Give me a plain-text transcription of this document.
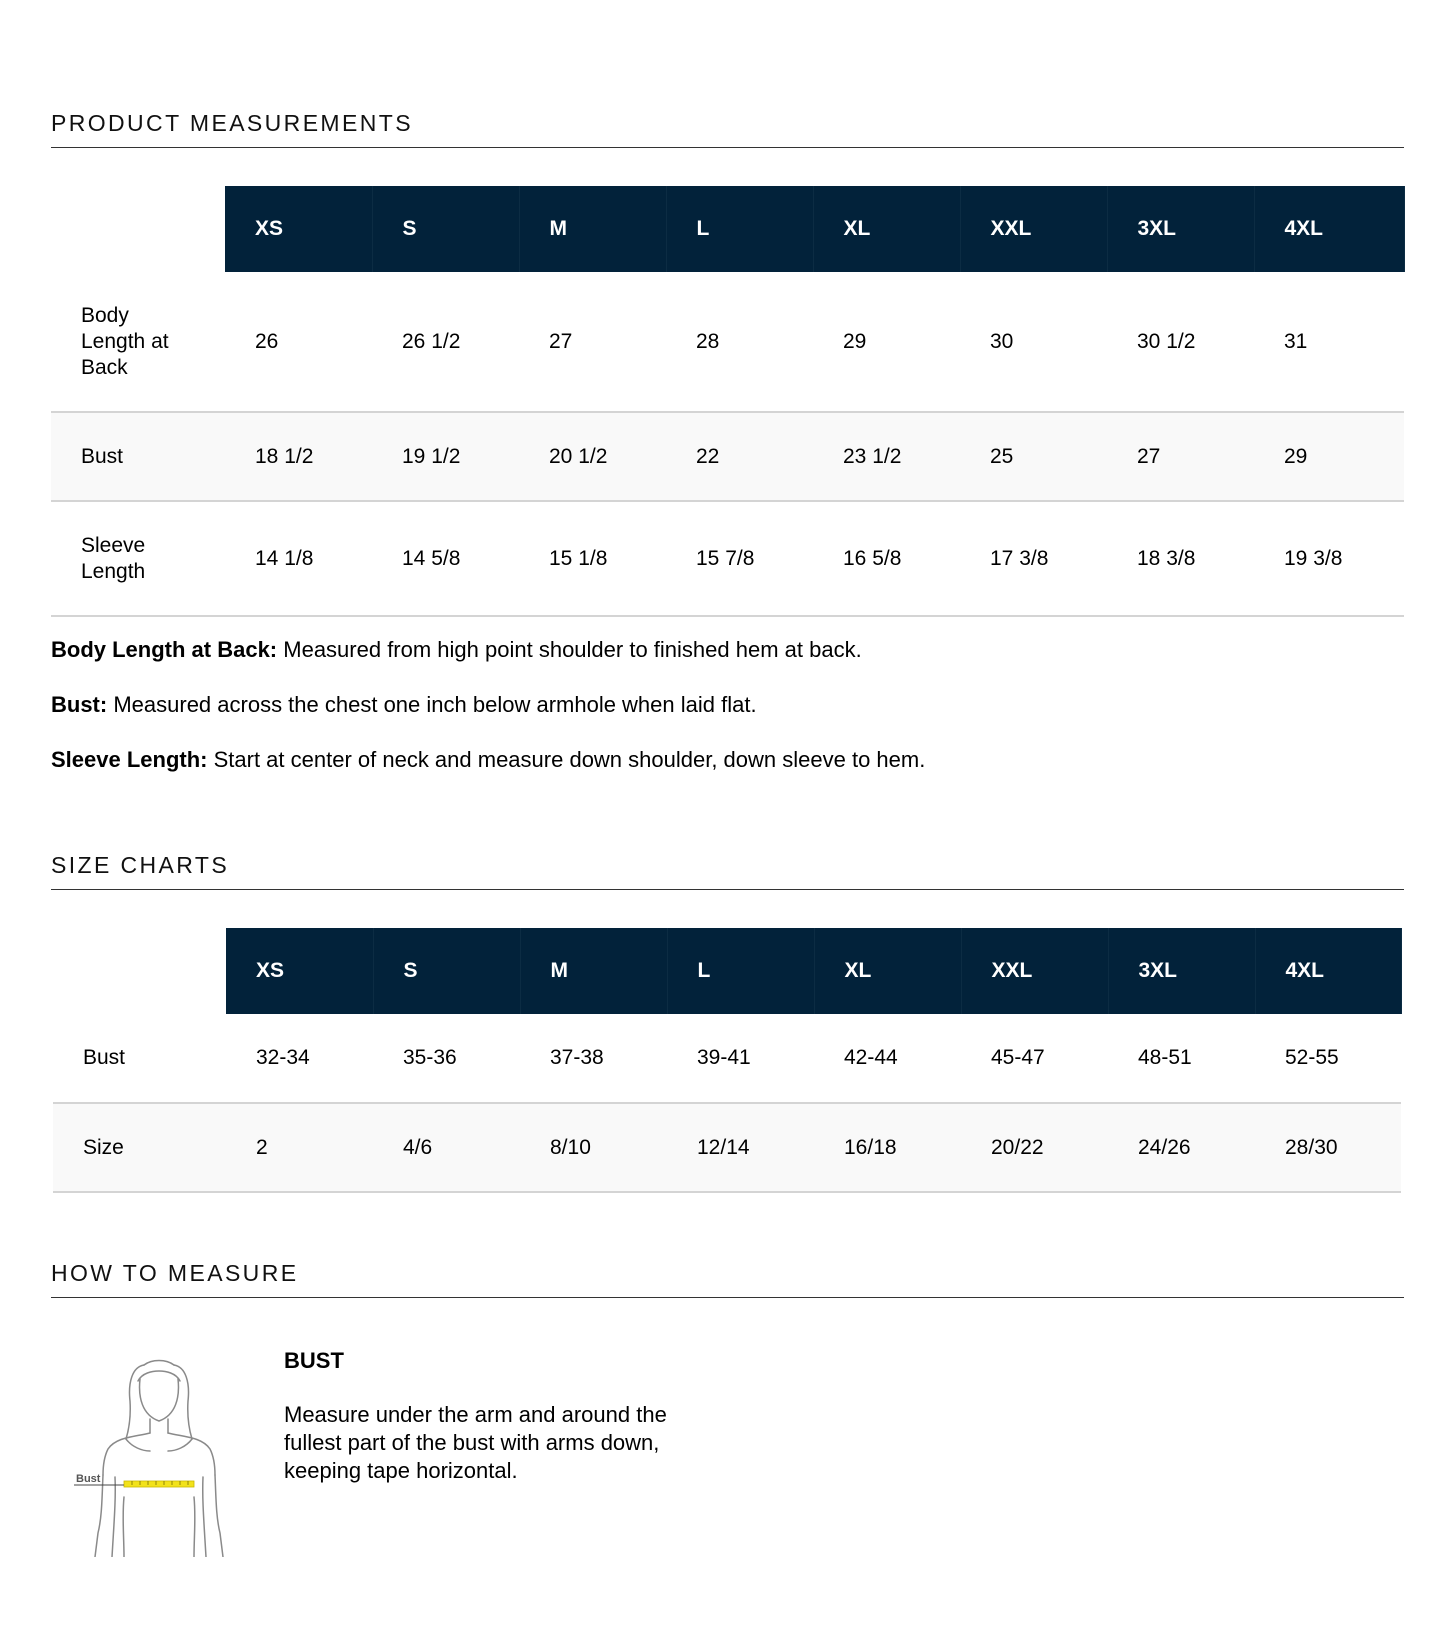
PRODUCT MEASUREMENTS
	XS	S	M	L	XL	XXL	3XL	4XL
Body Length at Back	26	26 1/2	27	28	29	30	30 1/2	31
Bust	18 1/2	19 1/2	20 1/2	22	23 1/2	25	27	29
Sleeve Length	14 1/8	14 5/8	15 1/8	15 7/8	16 5/8	17 3/8	18 3/8	19 3/8

Body Length at Back: Measured from high point shoulder to finished hem at back.

Bust: Measured across the chest one inch below armhole when laid flat.

Sleeve Length: Start at center of neck and measure down shoulder, down sleeve to hem.

SIZE CHARTS
	XS	S	M	L	XL	XXL	3XL	4XL
Bust	32-34	35-36	37-38	39-41	42-44	45-47	48-51	52-55
Size	2	4/6	8/10	12/14	16/18	20/22	24/26	28/30
HOW TO MEASURE
Bust
BUST
Measure under the arm and around the fullest part of the bust with arms down, keeping tape horizontal.
